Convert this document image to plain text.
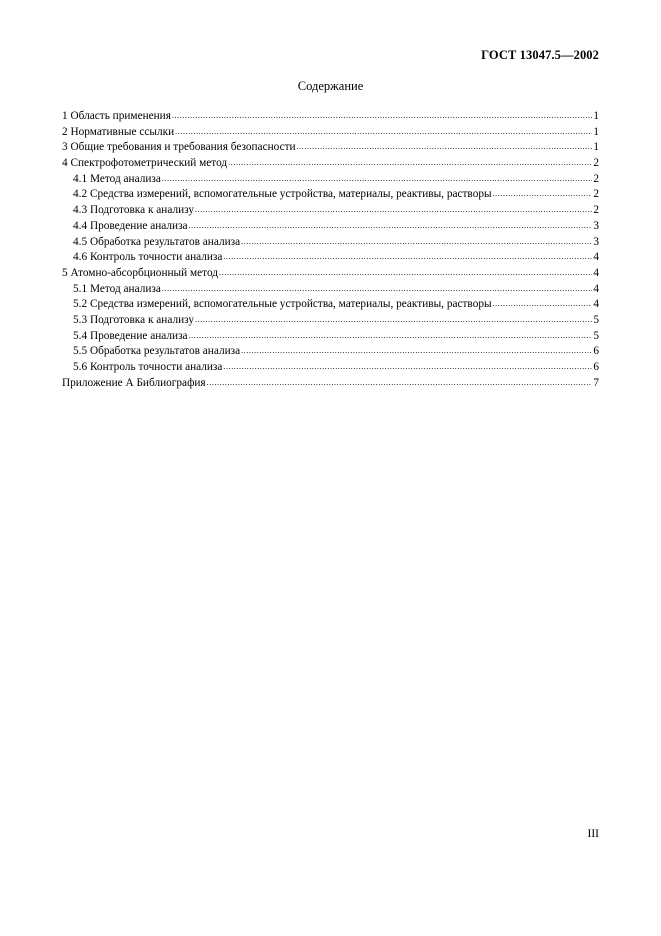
ГОСТ 13047.5—2002
Содержание
1 Область применения .....	1
2 Нормативные ссылки .....	1
3 Общие требования и требования безопасности .....	1
4 Спектрофотометрический метод .....	2
4.1 Метод анализа .....	2
4.2 Средства измерений, вспомогательные устройства, материалы, реактивы, растворы .....	2
4.3 Подготовка к анализу .....	2
4.4 Проведение анализа .....	3
4.5 Обработка результатов анализа .....	3
4.6 Контроль точности анализа .....	4
5 Атомно-абсорбционный метод .....	4
5.1 Метод анализа .....	4
5.2 Средства измерений, вспомогательные устройства, материалы, реактивы, растворы .....	4
5.3 Подготовка к анализу .....	5
5.4 Проведение анализа .....	5
5.5 Обработка результатов анализа .....	6
5.6 Контроль точности анализа .....	6
Приложение А Библиография .....	7
III
